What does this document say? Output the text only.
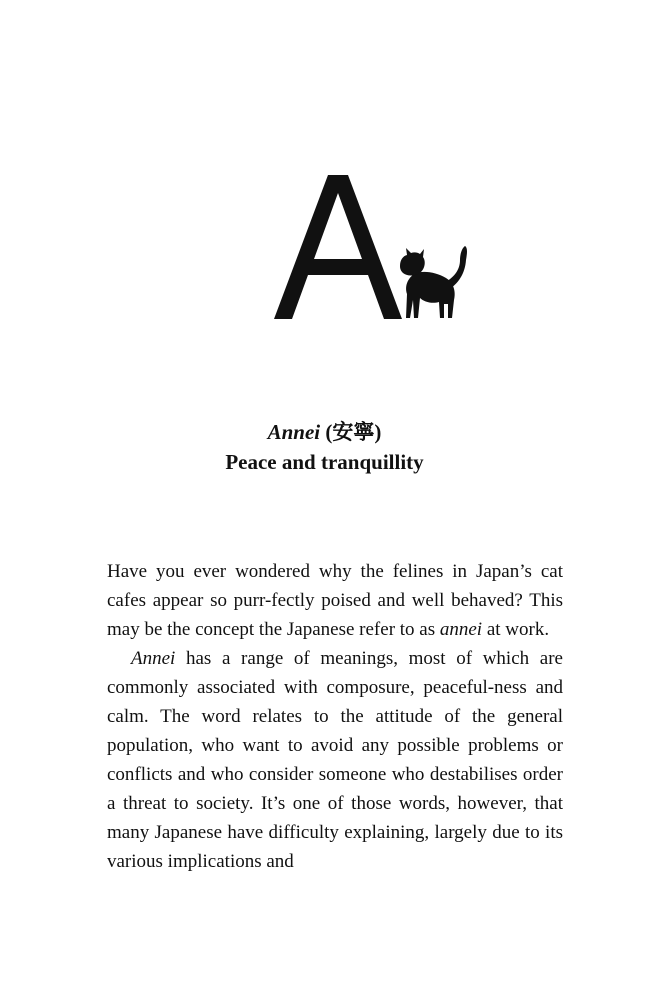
Annei (安寧)
Peace and tranquillity

Have you ever wondered why the felines in Japan’s cat cafes appear so purr-fectly poised and well behaved? This may be the concept the Japanese refer to as annei at work.

Annei has a range of meanings, most of which are commonly associated with composure, peaceful-ness and calm. The word relates to the attitude of the general population, who want to avoid any possible problems or conflicts and who consider someone who destabilises order a threat to society. It’s one of those words, however, that many Japanese have difficulty explaining, largely due to its various implications and
